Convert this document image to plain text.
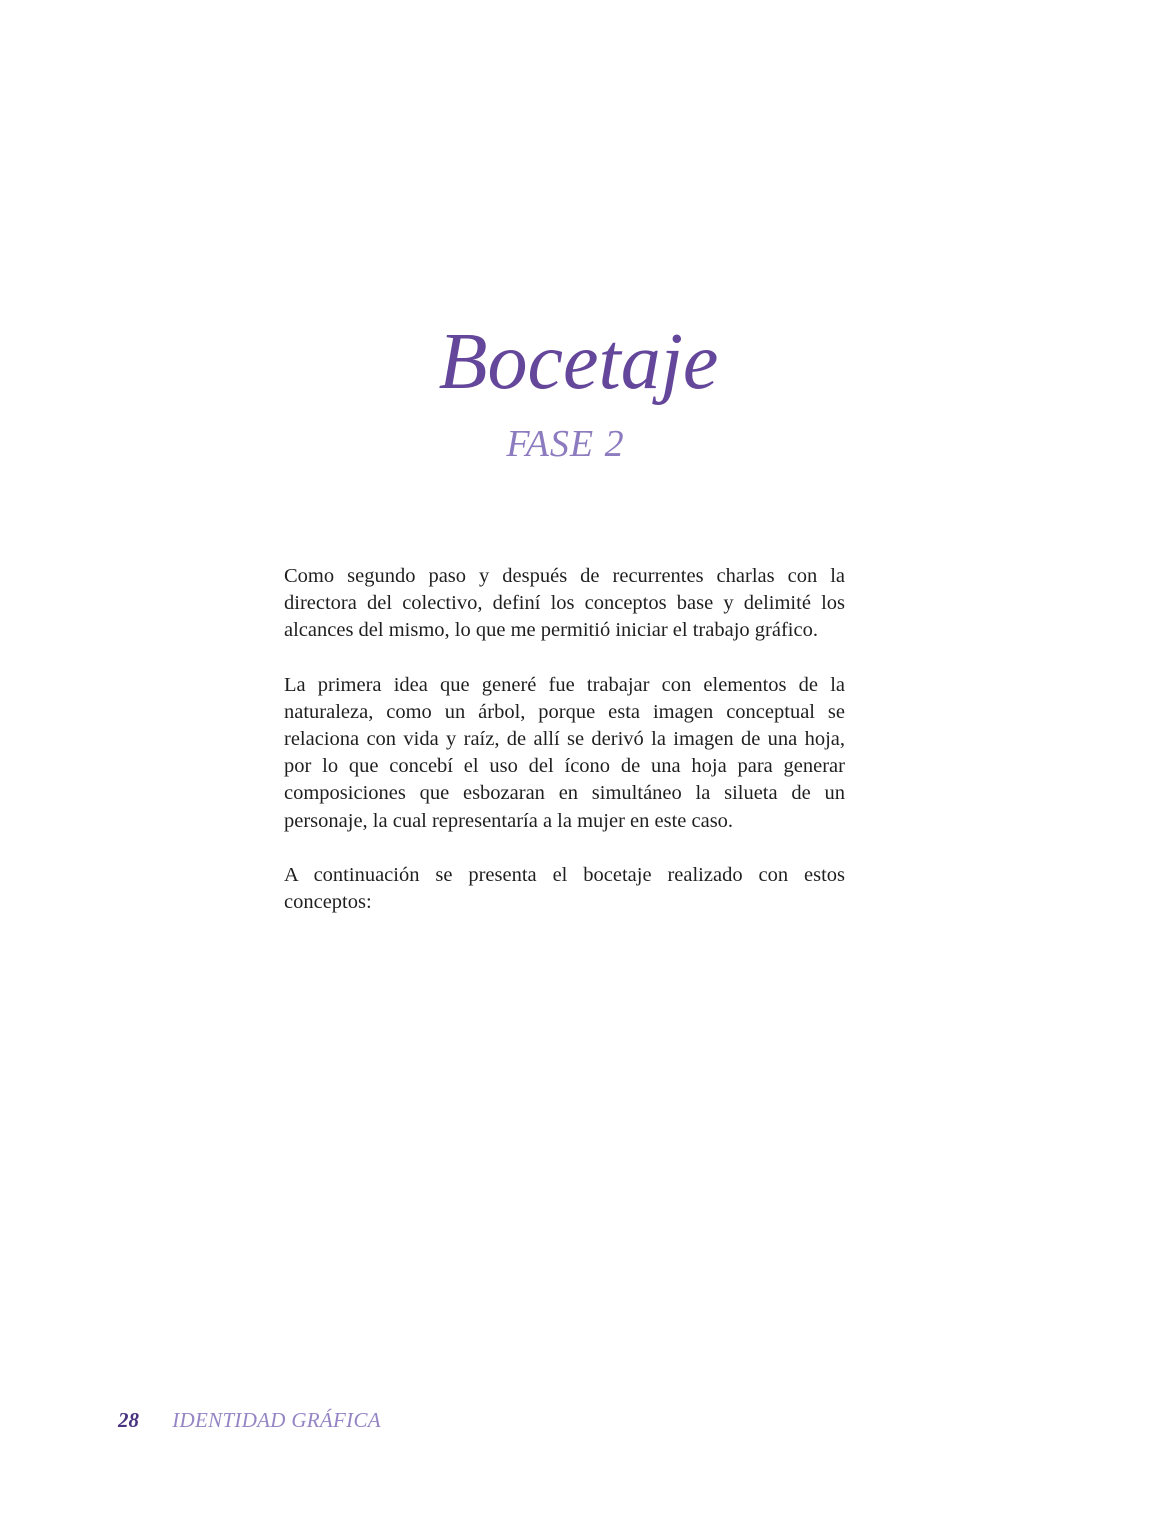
Bocetaje
FASE 2

Como segundo paso y después de recurrentes charlas con la directora del colectivo, definí los conceptos base y delimité los alcances del mismo, lo que me permitió iniciar el trabajo gráfico.

La primera idea que generé fue trabajar con elementos de la naturaleza, como un árbol, porque esta imagen conceptual se relaciona con vida y raíz, de allí se derivó la imagen de una hoja, por lo que concebí el uso del ícono de una hoja para generar composiciones que esbozaran en simultáneo la silueta de un personaje, la cual representaría a la mujer en este caso.

A continuación se presenta el bocetaje realizado con estos conceptos:

28 IDENTIDAD GRÁFICA
